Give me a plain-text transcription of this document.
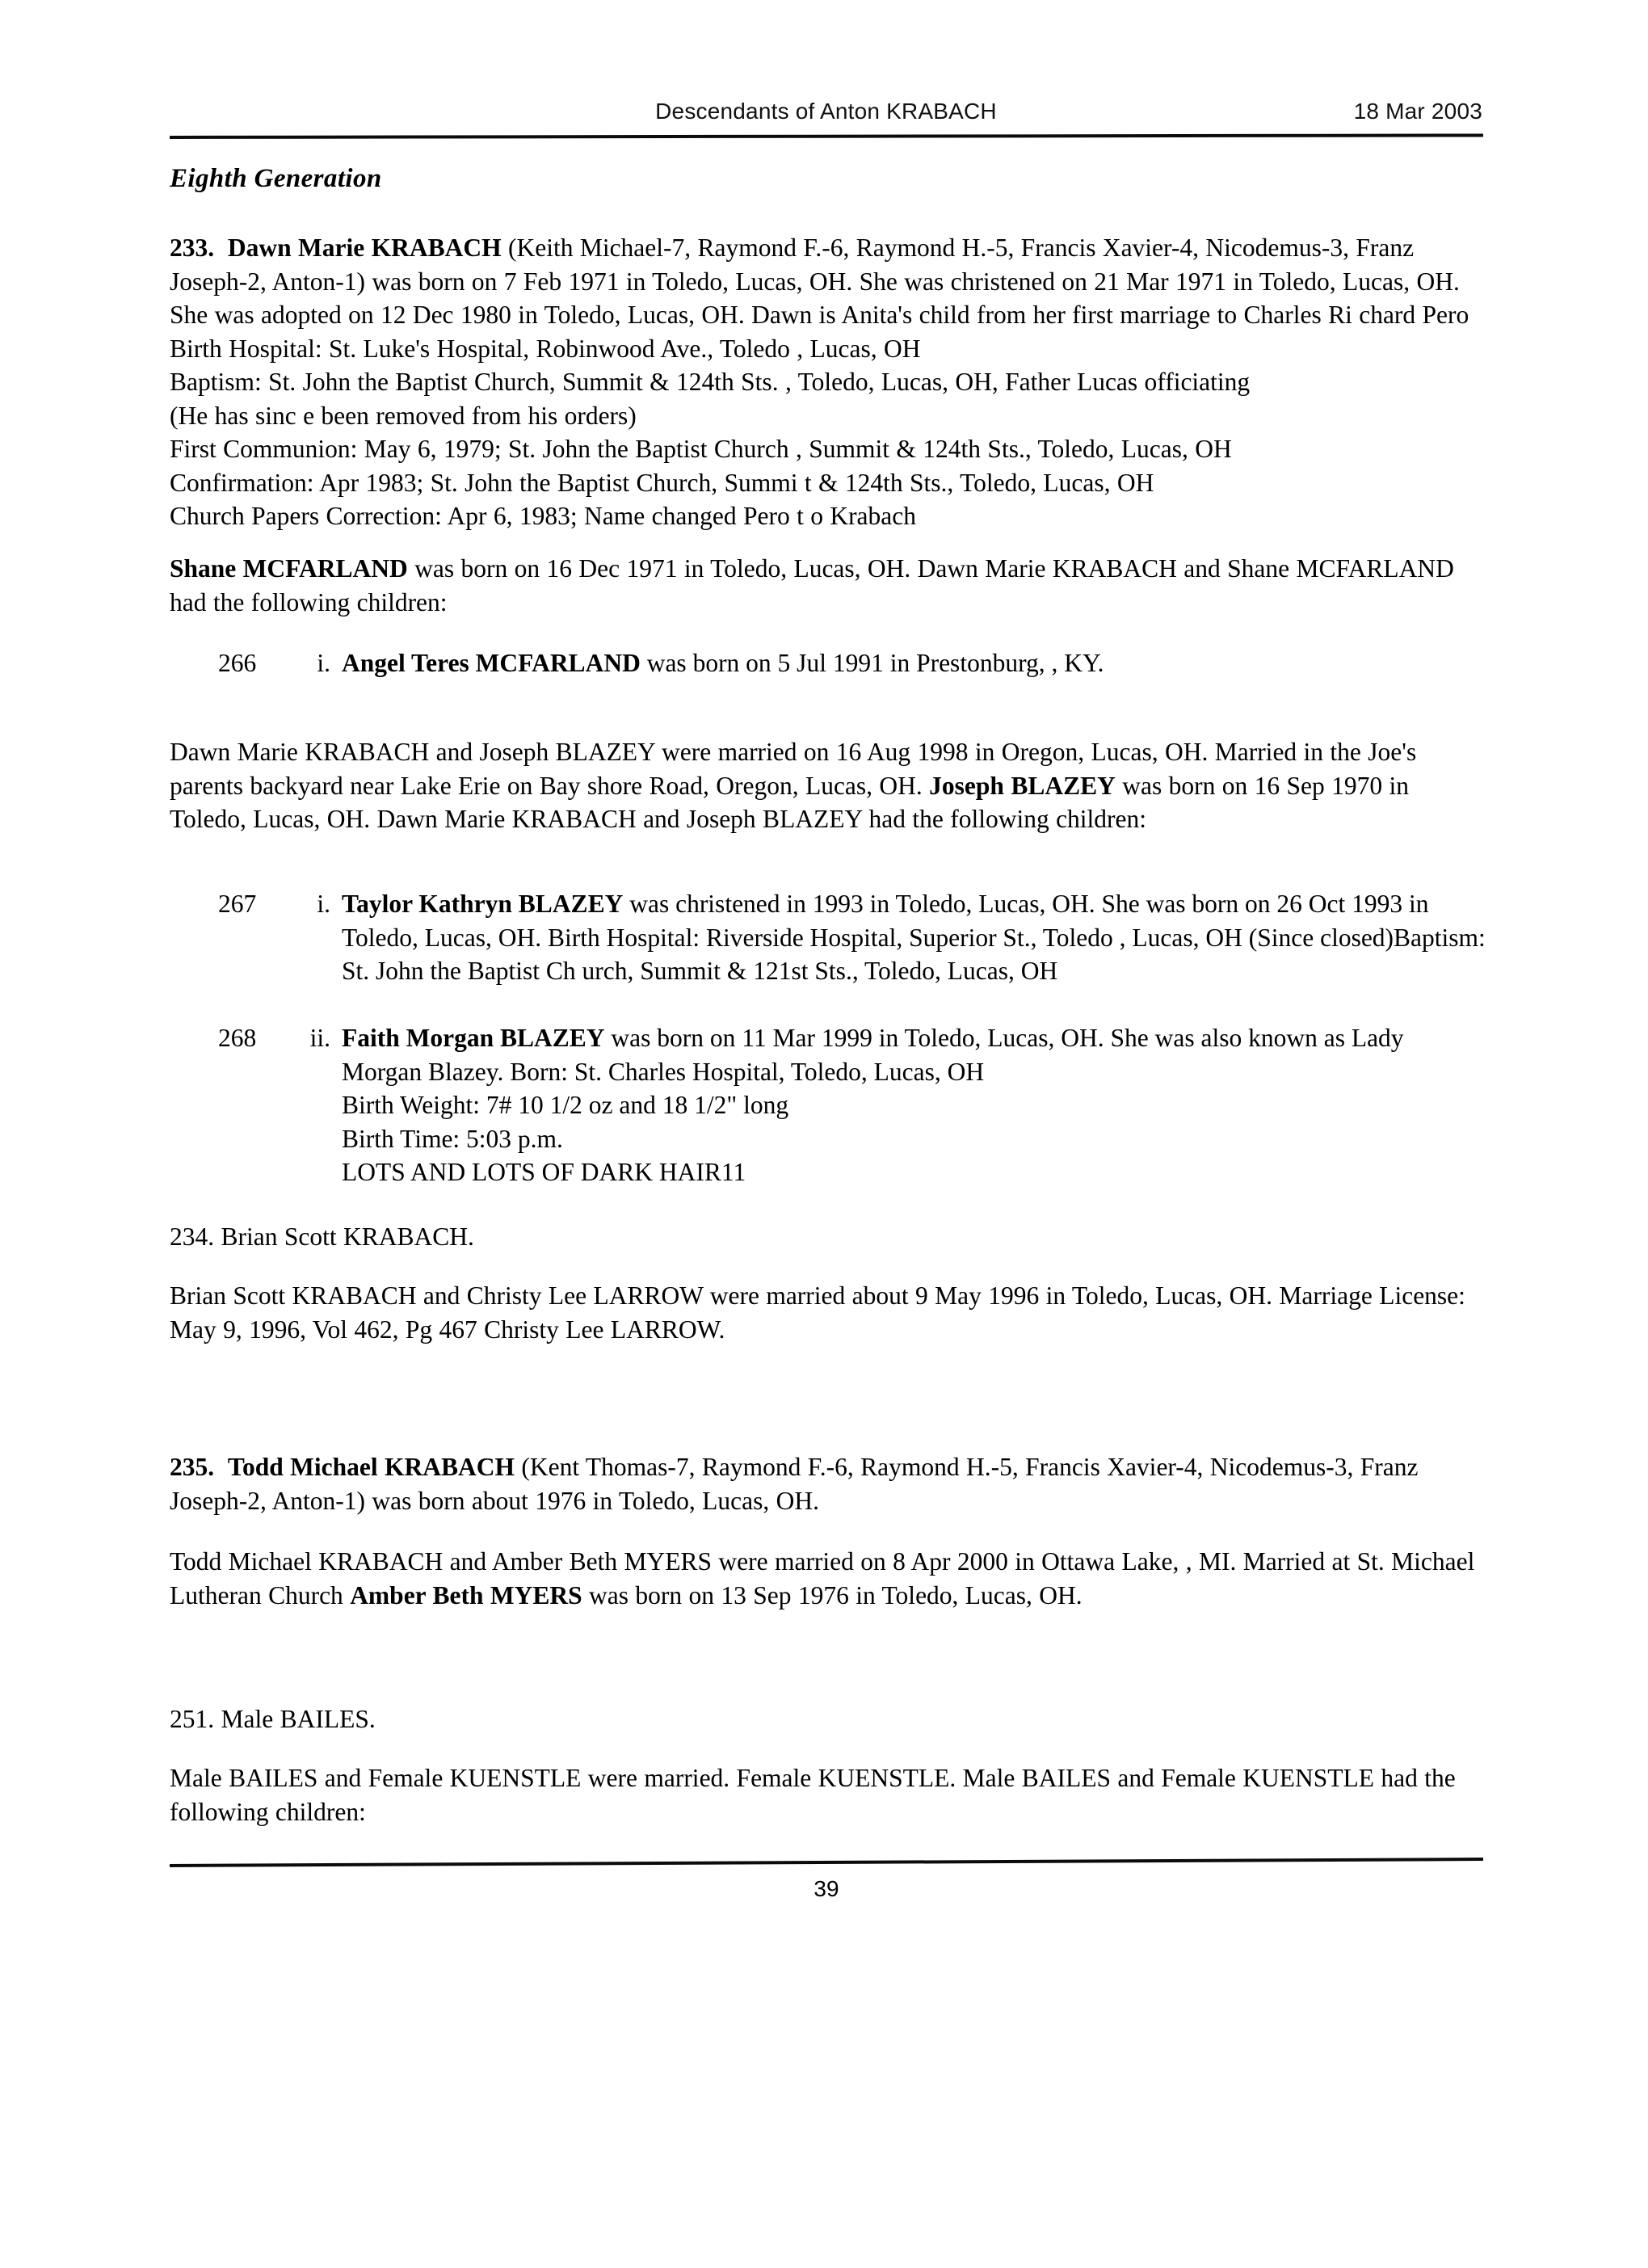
Descendants of Anton KRABACH	18 Mar 2003
Eighth Generation

233. Dawn Marie KRABACH (Keith Michael-7, Raymond F.-6, Raymond H.-5, Francis Xavier-4, Nicodemus-3, Franz Joseph-2, Anton-1) was born on 7 Feb 1971 in Toledo, Lucas, OH. She was christened on 21 Mar 1971 in Toledo, Lucas, OH. She was adopted on 12 Dec 1980 in Toledo, Lucas, OH. Dawn is Anita's child from her first marriage to Charles Ri chard Pero Birth Hospital: St. Luke's Hospital, Robinwood Ave., Toledo , Lucas, OH

Baptism: St. John the Baptist Church, Summit & 124th Sts. , Toledo, Lucas, OH, Father Lucas officiating

(He has sinc e been removed from his orders)

First Communion: May 6, 1979; St. John the Baptist Church , Summit & 124th Sts., Toledo, Lucas, OH

Confirmation: Apr 1983; St. John the Baptist Church, Summi t & 124th Sts., Toledo, Lucas, OH

Church Papers Correction: Apr 6, 1983; Name changed Pero t o Krabach

Shane MCFARLAND was born on 16 Dec 1971 in Toledo, Lucas, OH. Dawn Marie KRABACH and Shane MCFARLAND had the following children:

266	i. Angel Teres MCFARLAND was born on 5 Jul 1991 in Prestonburg, , KY.

Dawn Marie KRABACH and Joseph BLAZEY were married on 16 Aug 1998 in Oregon, Lucas, OH. Married in the Joe's parents backyard near Lake Erie on Bay shore Road, Oregon, Lucas, OH. Joseph BLAZEY was born on 16 Sep 1970 in Toledo, Lucas, OH. Dawn Marie KRABACH and Joseph BLAZEY had the following children:

267	i. Taylor Kathryn BLAZEY was christened in 1993 in Toledo, Lucas, OH. She was born on 26 Oct 1993 in Toledo, Lucas, OH. Birth Hospital: Riverside Hospital, Superior St., Toledo , Lucas, OH (Since closed)Baptism: St. John the Baptist Ch urch, Summit & 121st Sts., Toledo, Lucas, OH
268	ii. Faith Morgan BLAZEY was born on 11 Mar 1999 in Toledo, Lucas, OH. She was also known as Lady Morgan Blazey. Born: St. Charles Hospital, Toledo, Lucas, OH
Birth Weight: 7# 10 1/2 oz and 18 1/2" long
Birth Time: 5:03 p.m.
LOTS AND LOTS OF DARK HAIR11

234. Brian Scott KRABACH.

Brian Scott KRABACH and Christy Lee LARROW were married about 9 May 1996 in Toledo, Lucas, OH. Marriage License: May 9, 1996, Vol 462, Pg 467 Christy Lee LARROW.

235. Todd Michael KRABACH (Kent Thomas-7, Raymond F.-6, Raymond H.-5, Francis Xavier-4, Nicodemus-3, Franz Joseph-2, Anton-1) was born about 1976 in Toledo, Lucas, OH.

Todd Michael KRABACH and Amber Beth MYERS were married on 8 Apr 2000 in Ottawa Lake, , MI. Married at St. Michael Lutheran Church Amber Beth MYERS was born on 13 Sep 1976 in Toledo, Lucas, OH.

251. Male BAILES.

Male BAILES and Female KUENSTLE were married. Female KUENSTLE. Male BAILES and Female KUENSTLE had the following children:

39
